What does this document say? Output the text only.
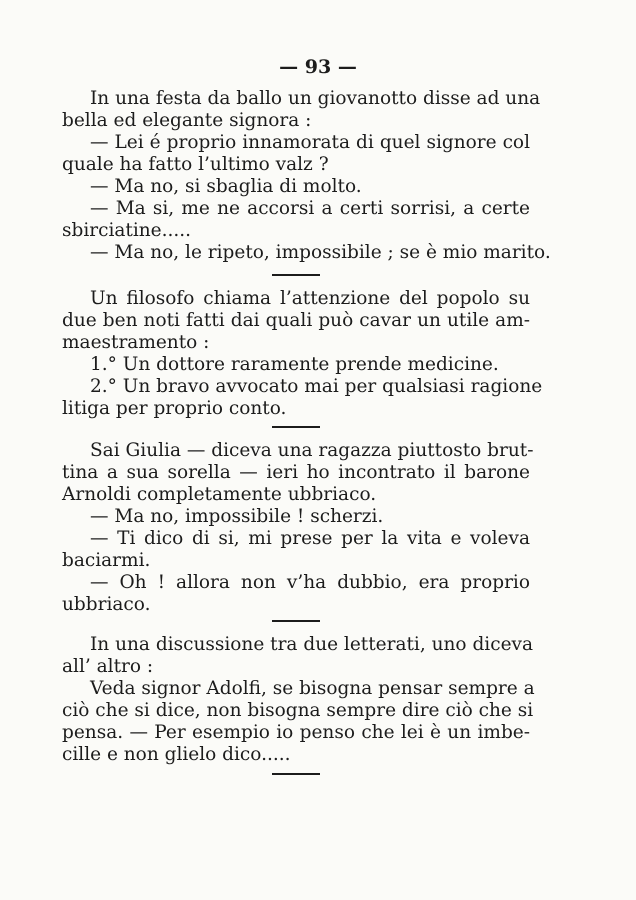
— 93 —
In una festa da ballo un giovanotto disse ad una
bella ed elegante signora :
— Lei é proprio innamorata di quel signore col
quale ha fatto l’ultimo valz ?
— Ma no, si sbaglia di molto.
— Ma si, me ne accorsi a certi sorrisi, a certe
sbirciatine.....
— Ma no, le ripeto, impossibile ; se è mio marito.
Un filosofo chiama l’attenzione del popolo su
due ben noti fatti dai quali può cavar un utile am-
maestramento :
1.° Un dottore raramente prende medicine.
2.° Un bravo avvocato mai per qualsiasi ragione
litiga per proprio conto.
Sai Giulia — diceva una ragazza piuttosto brut-
tina a sua sorella — ieri ho incontrato il barone
Arnoldi completamente ubbriaco.
— Ma no, impossibile ! scherzi.
— Ti dico di si, mi prese per la vita e voleva
baciarmi.
— Oh ! allora non v’ha dubbio, era proprio
ubbriaco.
In una discussione tra due letterati, uno diceva
all’ altro :
Veda signor Adolfi, se bisogna pensar sempre a
ciò che si dice, non bisogna sempre dire ciò che si
pensa. — Per esempio io penso che lei è un imbe-
cille e non glielo dico.....
